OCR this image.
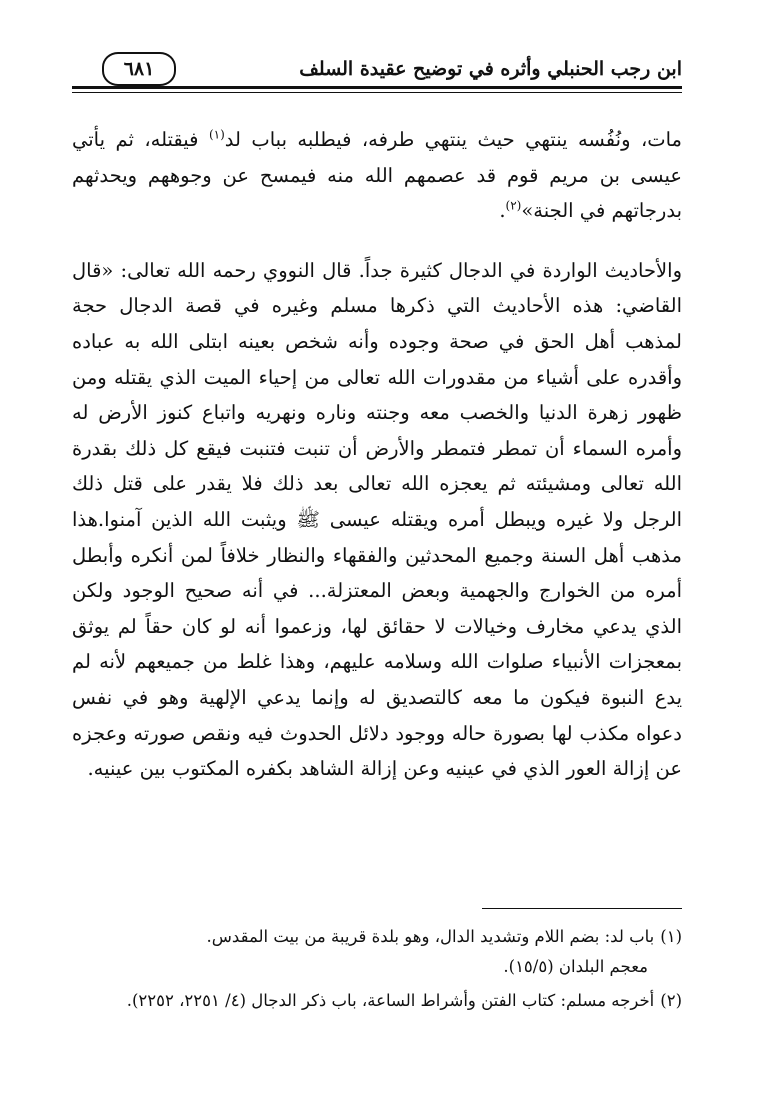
ابن رجب الحنبلي وأثره في توضيح عقيدة السلف
٦٨١
مات، ونُفُسه ينتهي حيث ينتهي طرفه، فيطلبه بباب لد$^{(١)}$ فيقتله، ثم يأتي عيسى بن مريم قوم قد عصمهم الله منه فيمسح عن وجوههم ويحدثهم بدرجاتهم في الجنة»$^{(٢)}$.
والأحاديث الواردة في الدجال كثيرة جداً. قال النووي رحمه الله تعالى: «قال القاضي: هذه الأحاديث التي ذكرها مسلم وغيره في قصة الدجال حجة لمذهب أهل الحق في صحة وجوده وأنه شخص بعينه ابتلى الله به عباده وأقدره على أشياء من مقدورات الله تعالى من إحياء الميت الذي يقتله ومن ظهور زهرة الدنيا والخصب معه وجنته وناره ونهريه واتباع كنوز الأرض له وأمره السماء أن تمطر فتمطر والأرض أن تنبت فتنبت فيقع كل ذلك بقدرة الله تعالى ومشيئته ثم يعجزه الله تعالى بعد ذلك فلا يقدر على قتل ذلك الرجل ولا غيره ويبطل أمره ويقتله عيسى ﷺ ويثبت الله الذين آمنوا.هذا مذهب أهل السنة وجميع المحدثين والفقهاء والنظار خلافاً لمن أنكره وأبطل أمره من الخوارج والجهمية وبعض المعتزلة... في أنه صحيح الوجود ولكن الذي يدعي مخارف وخيالات لا حقائق لها، وزعموا أنه لو كان حقاً لم يوثق بمعجزات الأنبياء صلوات الله وسلامه عليهم، وهذا غلط من جميعهم لأنه لم يدع النبوة فيكون ما معه كالتصديق له وإنما يدعي الإلهية وهو في نفس دعواه مكذب لها بصورة حاله ووجود دلائل الحدوث فيه ونقص صورته وعجزه عن إزالة العور الذي في عينيه وعن إزالة الشاهد بكفره المكتوب بين عينيه.
(١)باب لد: بضم اللام وتشديد الدال، وهو بلدة قريبة من بيت المقدس.
معجم البلدان (١٥/٥).
(٢)أخرجه مسلم: كتاب الفتن وأشراط الساعة، باب ذكر الدجال (٤/ ٢٢٥١، ٢٢٥٢).
